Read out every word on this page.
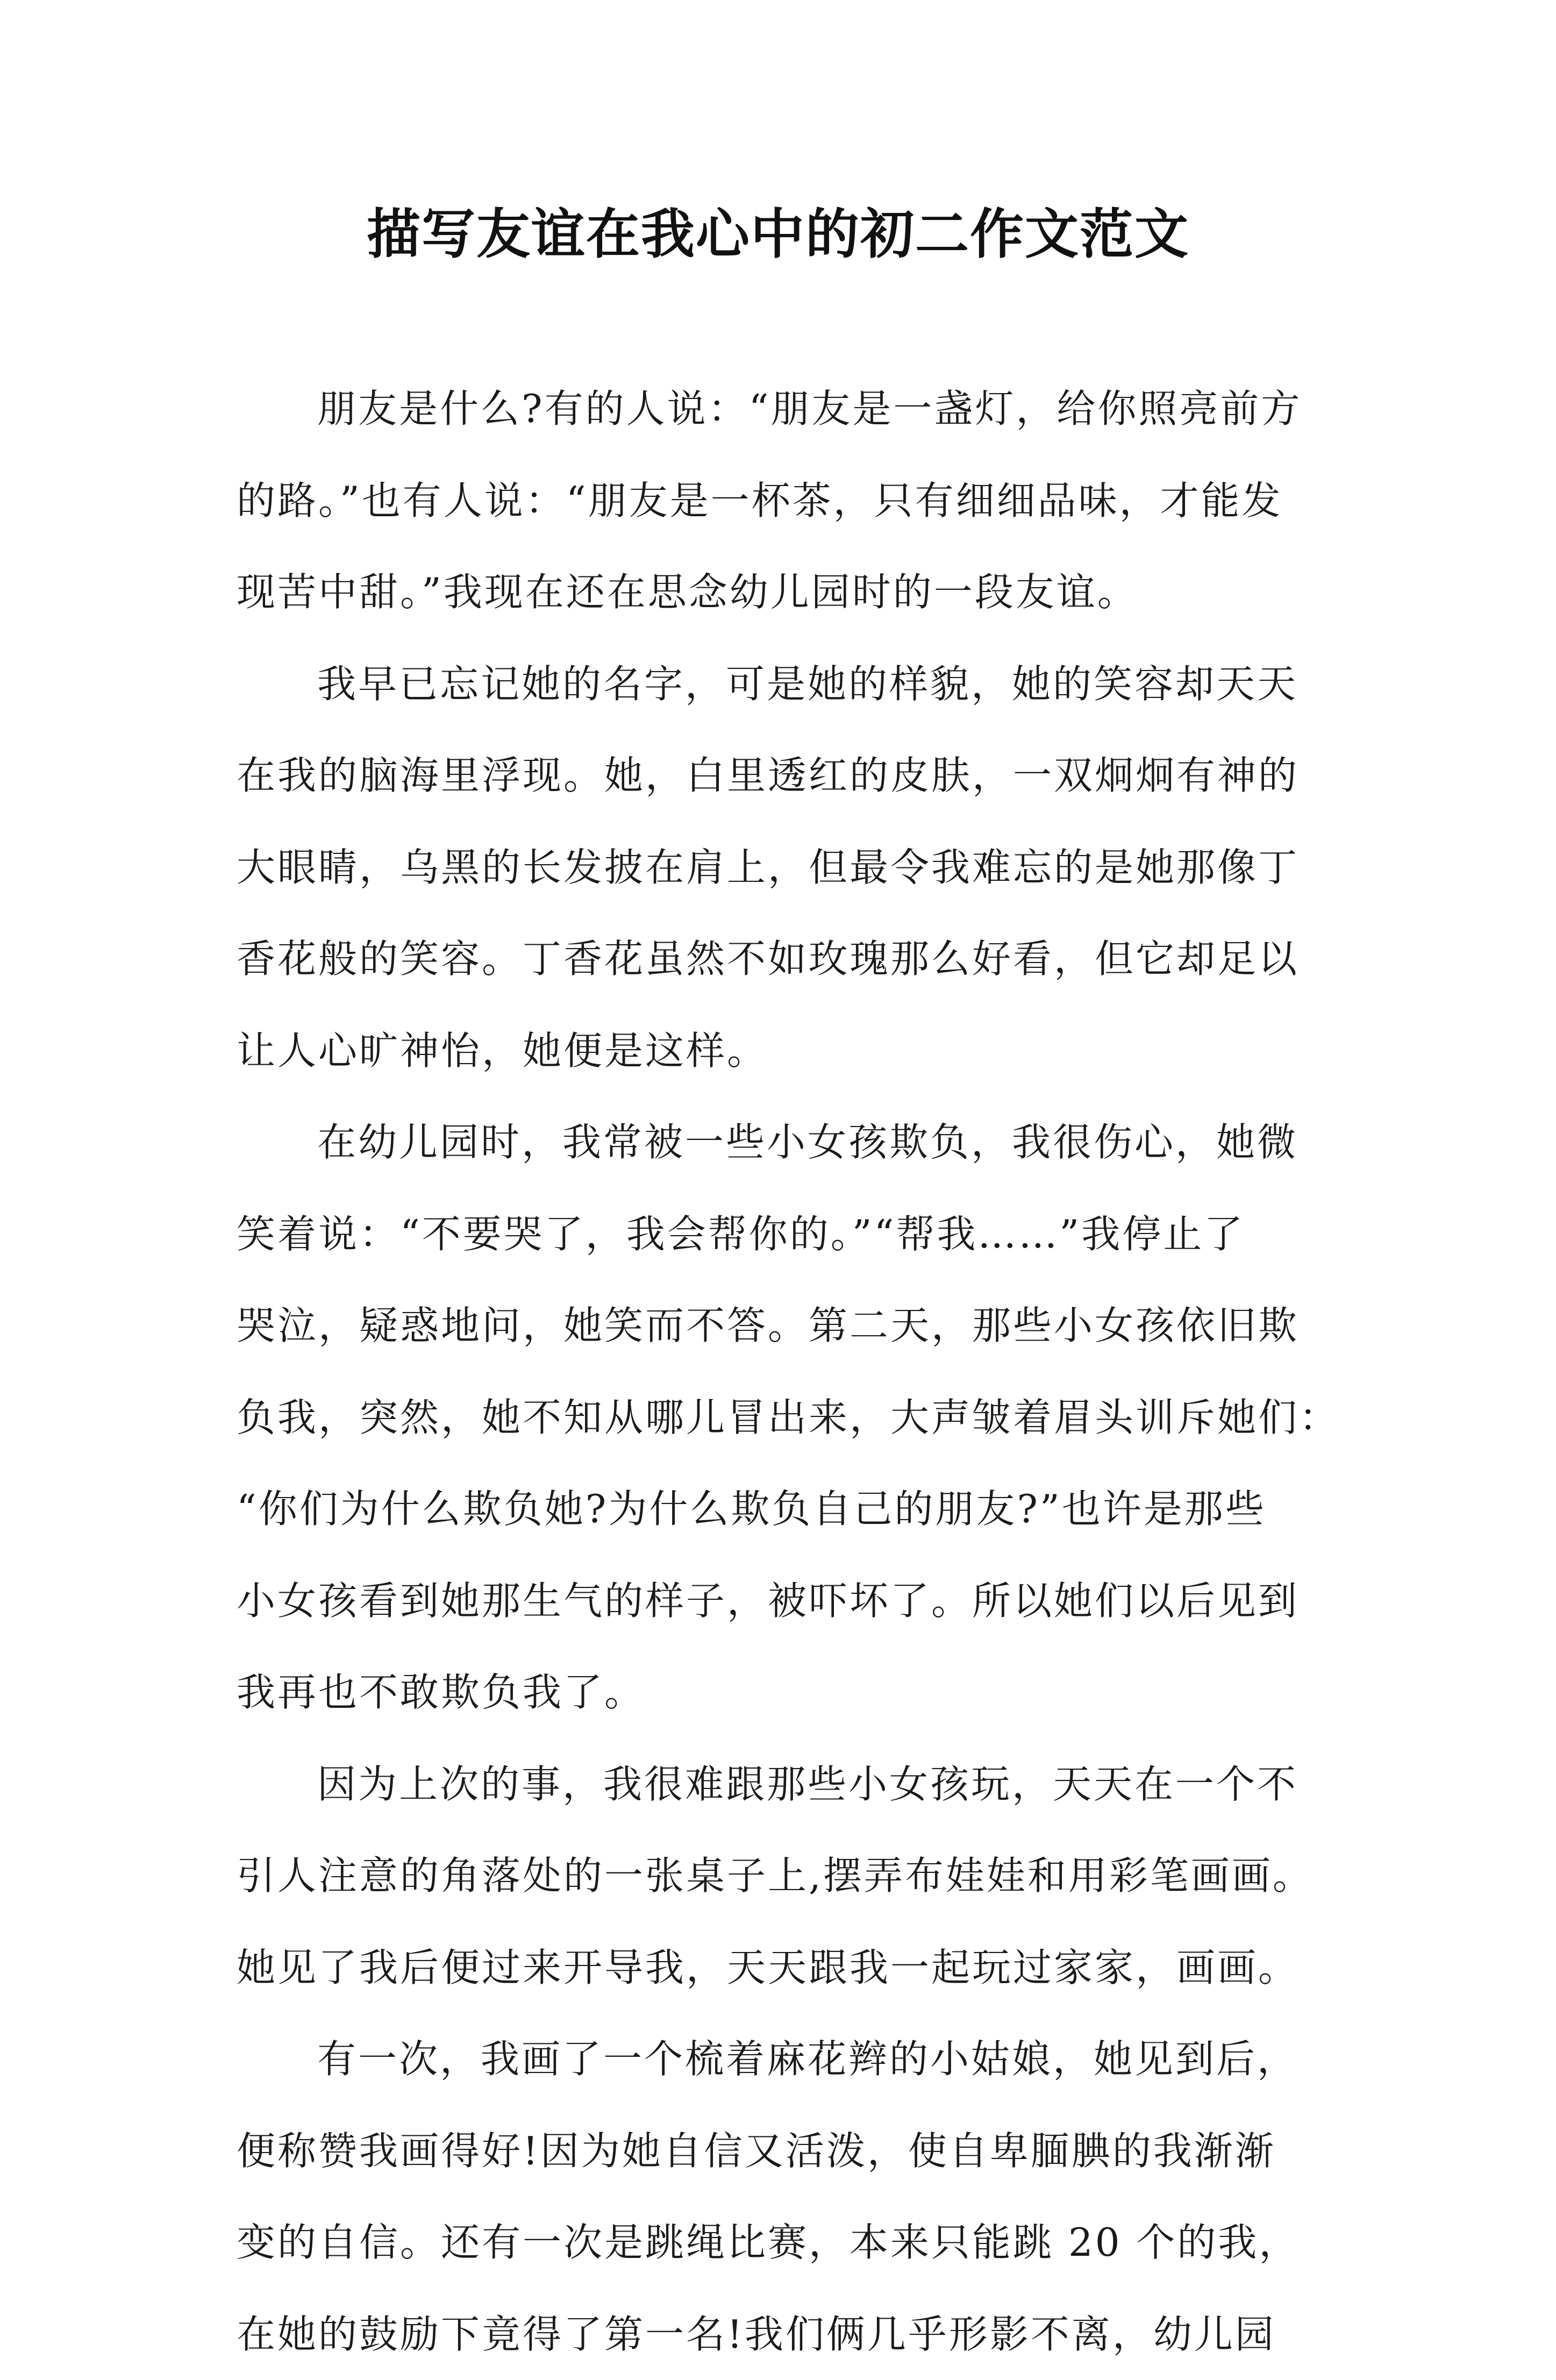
描写友谊在我心中的初二作文范文

朋友是什么?有的人说：“朋友是一盏灯，给你照亮前方
的路。”也有人说：“朋友是一杯茶，只有细细品味，才能发
现苦中甜。”我现在还在思念幼儿园时的一段友谊。

我早已忘记她的名字，可是她的样貌，她的笑容却天天
在我的脑海里浮现。她，白里透红的皮肤，一双炯炯有神的
大眼睛，乌黑的长发披在肩上，但最令我难忘的是她那像丁
香花般的笑容。丁香花虽然不如玫瑰那么好看，但它却足以
让人心旷神怡，她便是这样。

在幼儿园时，我常被一些小女孩欺负，我很伤心，她微
笑着说：“不要哭了，我会帮你的。”“帮我……”我停止了
哭泣，疑惑地问，她笑而不答。第二天，那些小女孩依旧欺
负我，突然，她不知从哪儿冒出来，大声皱着眉头训斥她们：
“你们为什么欺负她?为什么欺负自己的朋友?”也许是那些
小女孩看到她那生气的样子，被吓坏了。所以她们以后见到
我再也不敢欺负我了。

因为上次的事，我很难跟那些小女孩玩，天天在一个不
引人注意的角落处的一张桌子上,摆弄布娃娃和用彩笔画画。
她见了我后便过来开导我，天天跟我一起玩过家家，画画。

有一次，我画了一个梳着麻花辫的小姑娘，她见到后，
便称赞我画得好!因为她自信又活泼，使自卑腼腆的我渐渐
变的自信。还有一次是跳绳比赛，本来只能跳 20 个的我，
在她的鼓励下竟得了第一名!我们俩几乎形影不离，幼儿园
